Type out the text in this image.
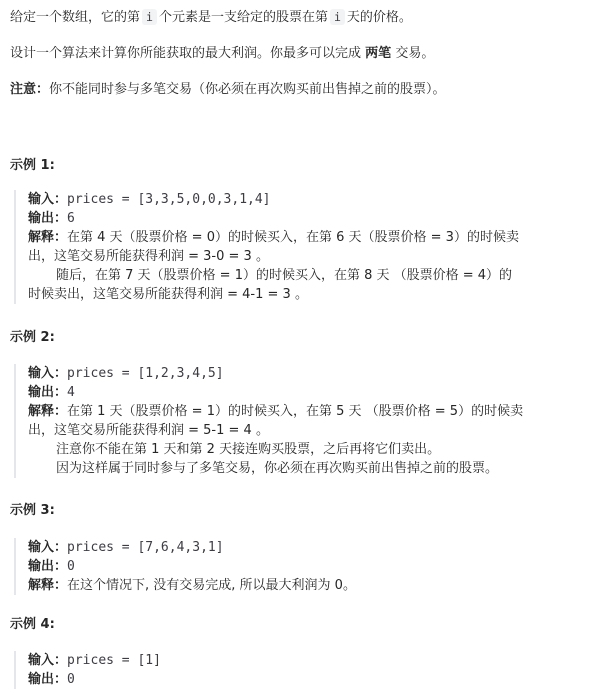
给定一个数组，它的第 i 个元素是一支给定的股票在第 i 天的价格。
设计一个算法来计算你所能获取的最大利润。你最多可以完成 两笔 交易。
注意：你不能同时参与多笔交易（你必须在再次购买前出售掉之前的股票）。
示例 1:
输入：prices = [3,3,5,0,0,3,1,4]
输出：6
解释：在第 4 天（股票价格 = 0）的时候买入，在第 6 天（股票价格 = 3）的时候卖
出，这笔交易所能获得利润 = 3-0 = 3 。
随后，在第 7 天（股票价格 = 1）的时候买入，在第 8 天 （股票价格 = 4）的
时候卖出，这笔交易所能获得利润 = 4-1 = 3 。
示例 2:
输入：prices = [1,2,3,4,5]
输出：4
解释：在第 1 天（股票价格 = 1）的时候买入，在第 5 天 （股票价格 = 5）的时候卖
出，这笔交易所能获得利润 = 5-1 = 4 。
注意你不能在第 1 天和第 2 天接连购买股票，之后再将它们卖出。
因为这样属于同时参与了多笔交易，你必须在再次购买前出售掉之前的股票。
示例 3:
输入：prices = [7,6,4,3,1]
输出：0
解释：在这个情况下, 没有交易完成, 所以最大利润为 0。
示例 4:
输入：prices = [1]
输出：0
